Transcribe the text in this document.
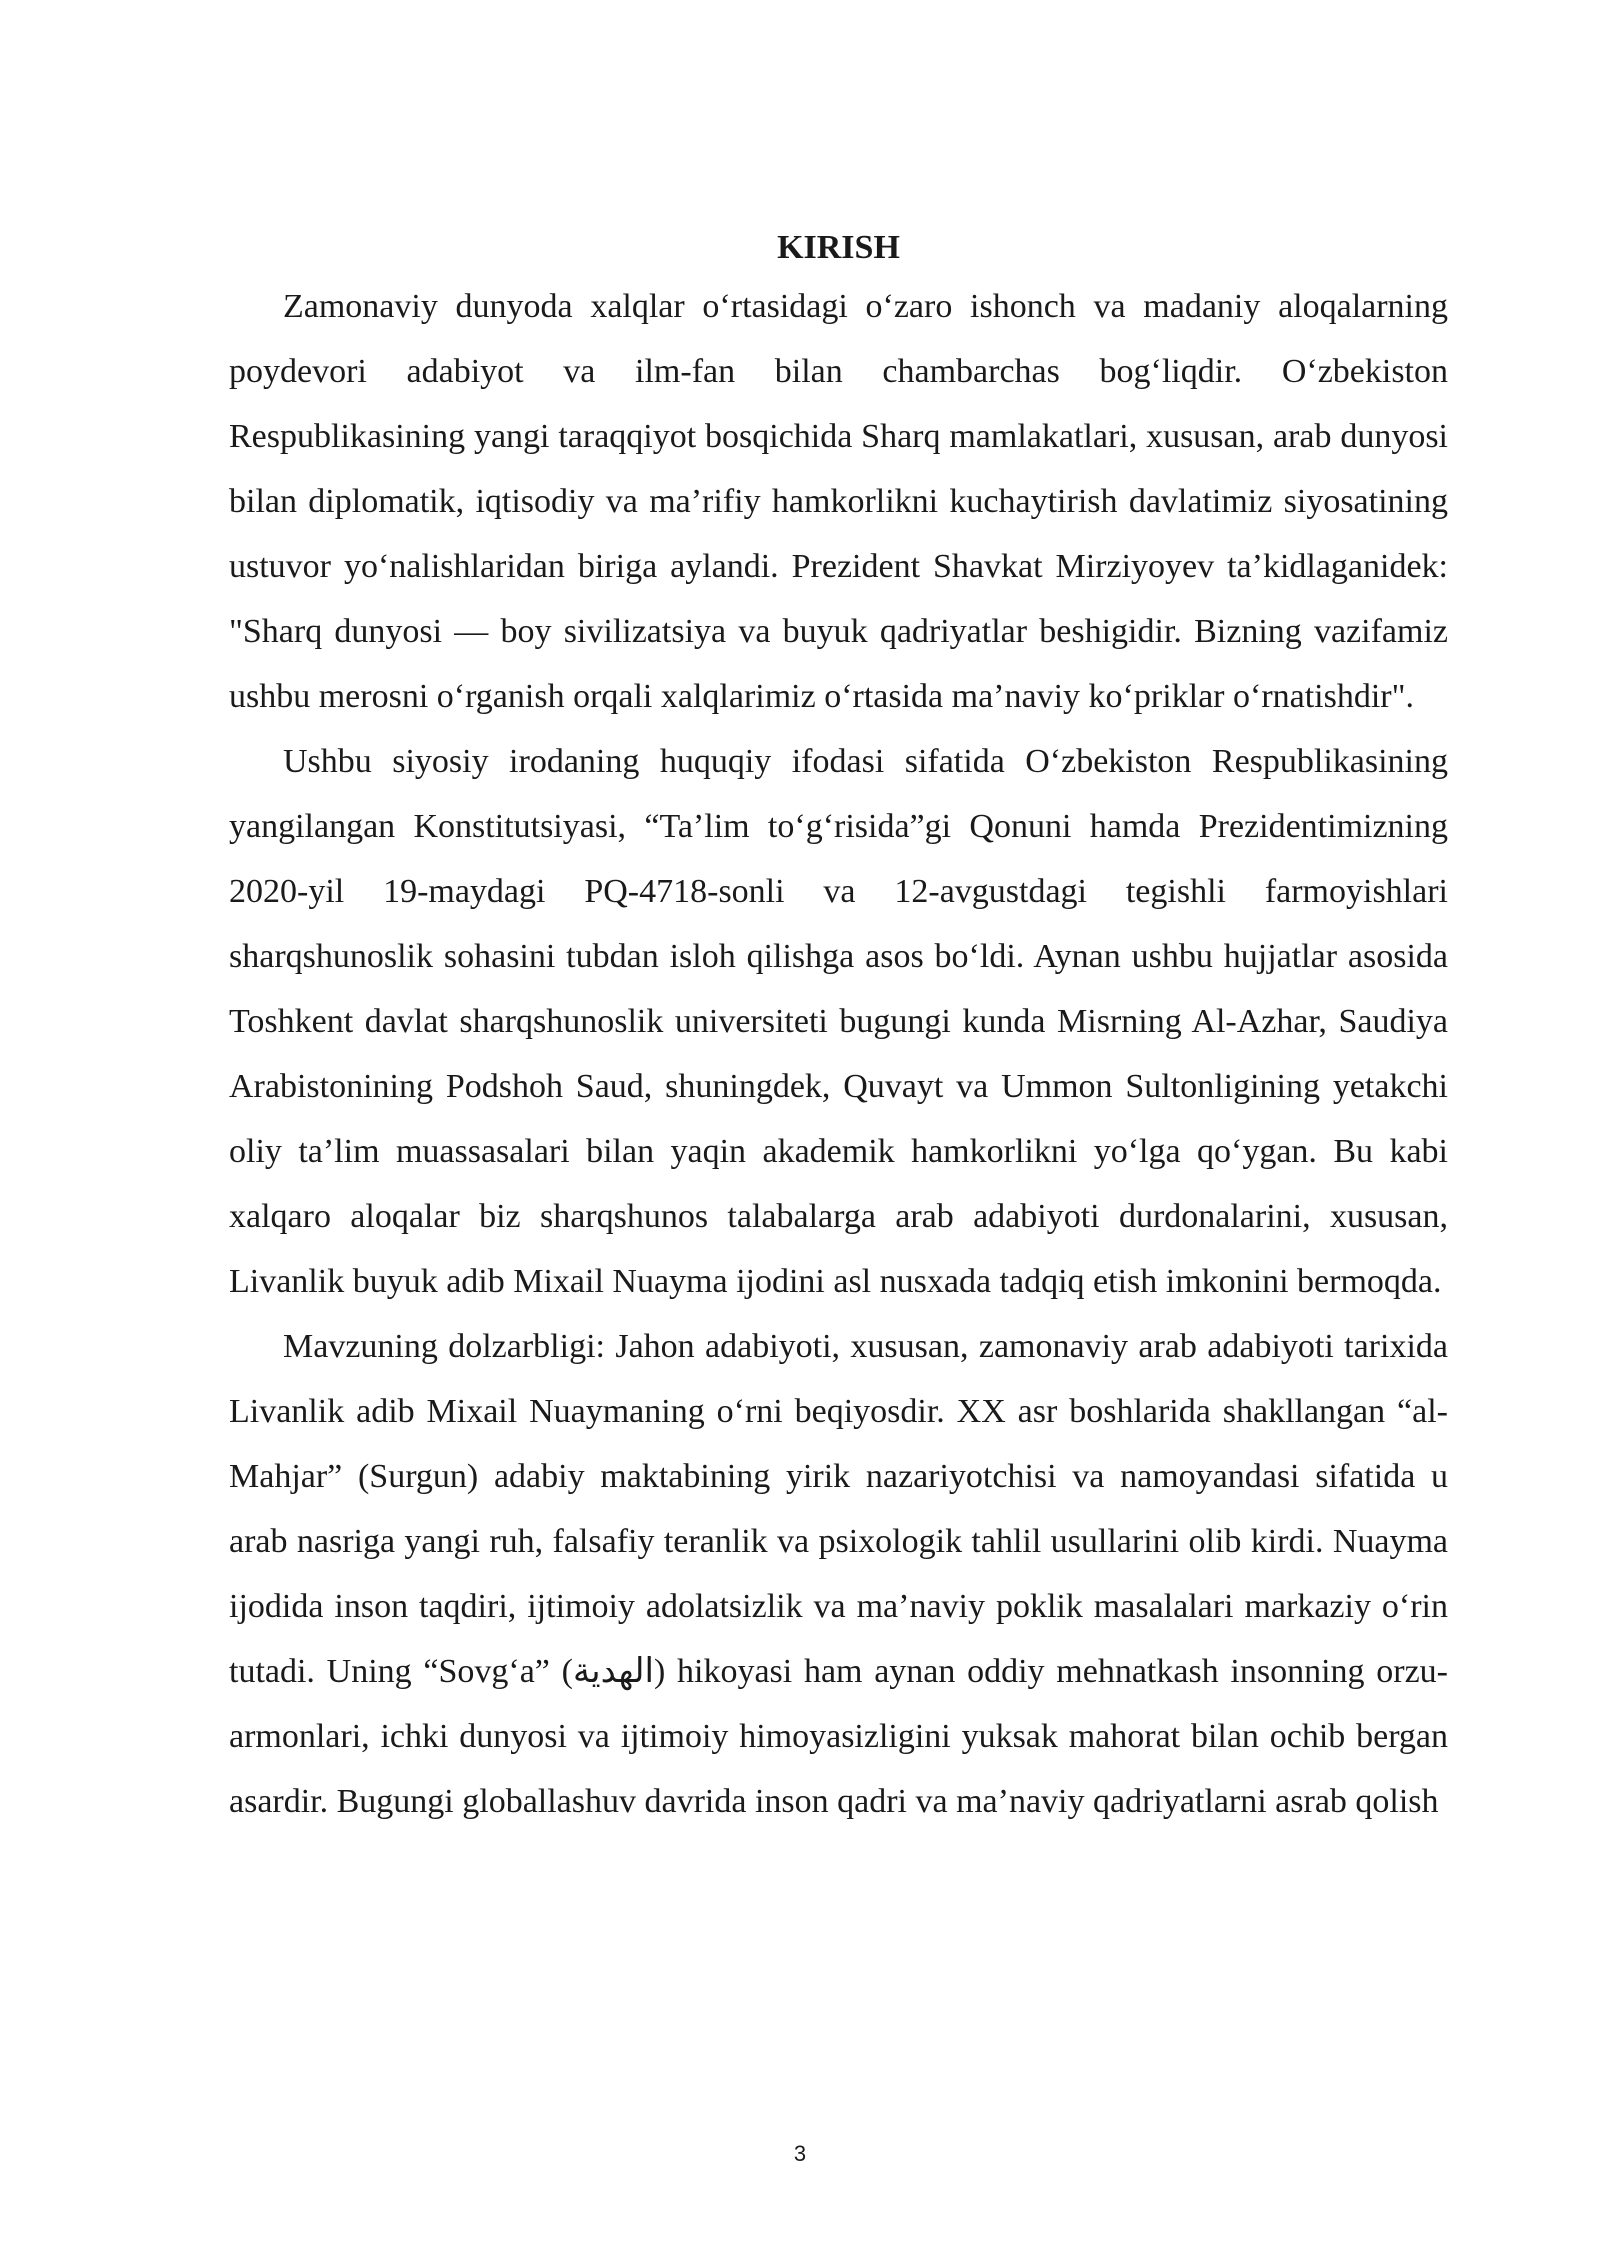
KIRISH

Zamonaviy dunyoda xalqlar o‘rtasidagi o‘zaro ishonch va madaniy aloqalarning poydevori adabiyot va ilm-fan bilan chambarchas bog‘liqdir. O‘zbekiston Respublikasining yangi taraqqiyot bosqichida Sharq mamlakatlari, xususan, arab dunyosi bilan diplomatik, iqtisodiy va ma’rifiy hamkorlikni kuchaytirish davlatimiz siyosatining ustuvor yo‘nalishlaridan biriga aylandi. Prezident Shavkat Mirziyoyev ta’kidlaganidek: "Sharq dunyosi — boy sivilizatsiya va buyuk qadriyatlar beshigidir. Bizning vazifamiz ushbu merosni o‘rganish orqali xalqlarimiz o‘rtasida ma’naviy ko‘priklar o‘rnatishdir".

Ushbu siyosiy irodaning huquqiy ifodasi sifatida O‘zbekiston Respublikasining yangilangan Konstitutsiyasi, “Ta’lim to‘g‘risida”gi Qonuni hamda Prezidentimizning 2020-yil 19-maydagi PQ-4718-sonli va 12-avgustdagi tegishli farmoyishlari sharqshunoslik sohasini tubdan isloh qilishga asos bo‘ldi. Aynan ushbu hujjatlar asosida Toshkent davlat sharqshunoslik universiteti bugungi kunda Misrning Al-Azhar, Saudiya Arabistonining Podshoh Saud, shuningdek, Quvayt va Ummon Sultonligining yetakchi oliy ta’lim muassasalari bilan yaqin akademik hamkorlikni yo‘lga qo‘ygan. Bu kabi xalqaro aloqalar biz sharqshunos talabalarga arab adabiyoti durdonalarini, xususan, Livanlik buyuk adib Mixail Nuayma ijodini asl nusxada tadqiq etish imkonini bermoqda.

Mavzuning dolzarbligi: Jahon adabiyoti, xususan, zamonaviy arab adabiyoti tarixida Livanlik adib Mixail Nuaymaning o‘rni beqiyosdir. XX asr boshlarida shakllangan “al-Mahjar” (Surgun) adabiy maktabining yirik nazariyotchisi va namoyandasi sifatida u arab nasriga yangi ruh, falsafiy teranlik va psixologik tahlil usullarini olib kirdi. Nuayma ijodida inson taqdiri, ijtimoiy adolatsizlik va ma’naviy poklik masalalari markaziy o‘rin tutadi. Uning “Sovg‘a” (الهدية) hikoyasi ham aynan oddiy mehnatkash insonning orzu-armonlari, ichki dunyosi va ijtimoiy himoyasizligini yuksak mahorat bilan ochib bergan asardir. Bugungi globallashuv davrida inson qadri va ma’naviy qadriyatlarni asrab qolish

3
